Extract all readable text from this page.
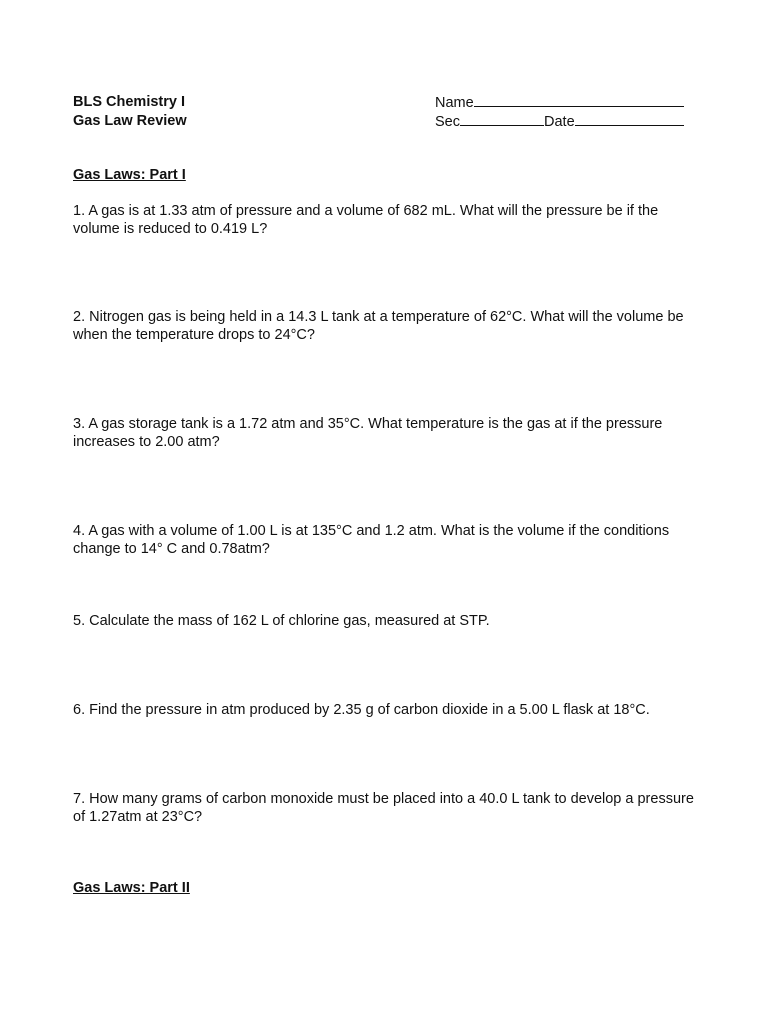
BLS Chemistry I
Gas Law Review
Name
Sec	Date
Gas Laws: Part I
1. A gas is at 1.33 atm of pressure and a volume of 682 mL. What will the pressure be if the volume is reduced to 0.419 L?
2. Nitrogen gas is being held in a 14.3 L tank at a temperature of 62°C. What will the volume be when the temperature drops to 24°C?
3. A gas storage tank is a 1.72 atm and 35°C. What temperature is the gas at if the pressure increases to 2.00 atm?
4. A gas with a volume of 1.00 L is at 135°C and 1.2 atm. What is the volume if the conditions change to 14° C and 0.78atm?
5. Calculate the mass of 162 L of chlorine gas, measured at STP.
6. Find the pressure in atm produced by 2.35 g of carbon dioxide in a 5.00 L flask at 18°C.
7. How many grams of carbon monoxide must be placed into a 40.0 L tank to develop a pressure of 1.27atm at 23°C?
Gas Laws: Part II
